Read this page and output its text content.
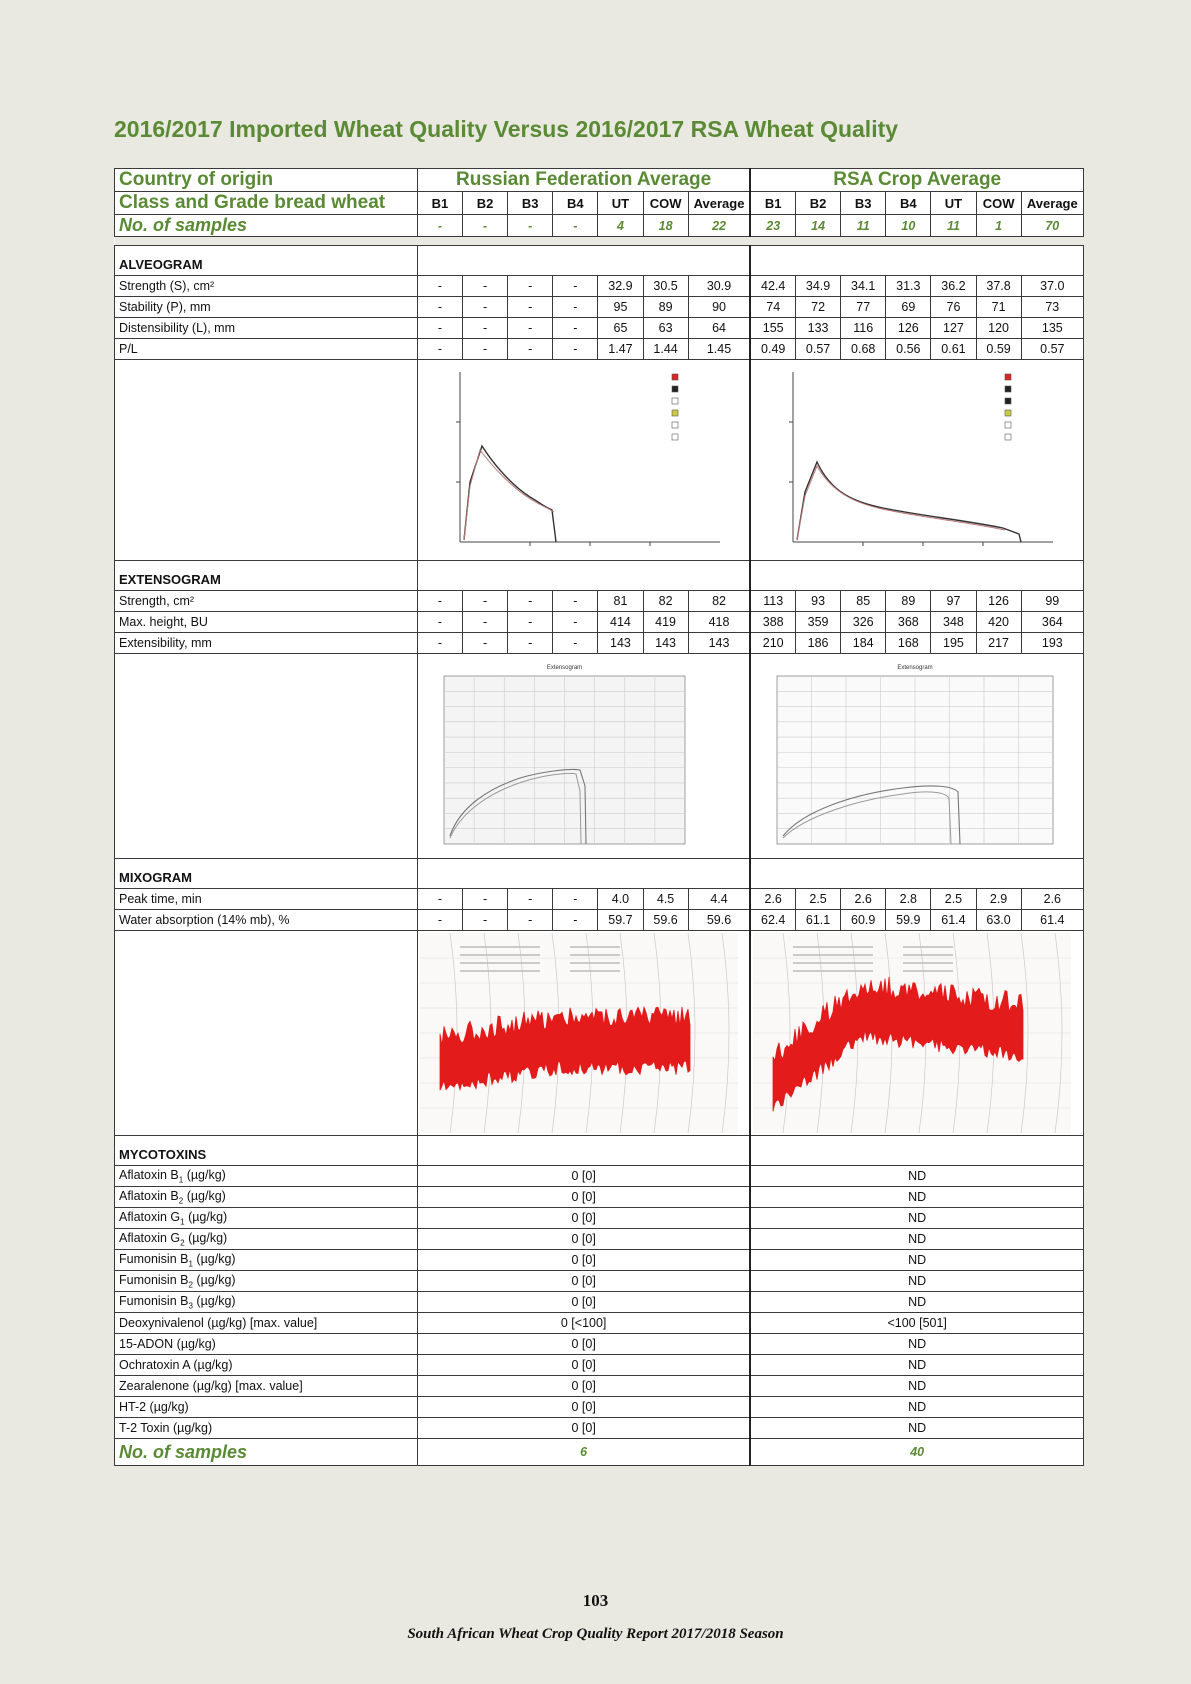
2016/2017 Imported Wheat Quality Versus 2016/2017 RSA Wheat Quality
Country of origin	Russian Federation Average							RSA Crop Average						
Class and Grade bread wheat	B1	B2	B3	B4	UT	COW	Average	B1	B2	B3	B4	UT	COW	Average
No. of samples	-	-	-	-	4	18	22	23	14	11	10	11	1	70

ALVEOGRAM														
Strength (S), cm²	-	-	-	-	32.9	30.5	30.9	42.4	34.9	34.1	31.3	36.2	37.8	37.0
Stability (P), mm	-	-	-	-	95	89	90	74	72	77	69	76	71	73
Distensibility (L), mm	-	-	-	-	65	63	64	155	133	116	126	127	120	135
P/L	-	-	-	-	1.47	1.44	1.45	0.49	0.57	0.68	0.56	0.61	0.59	0.57

EXTENSOGRAM														
Strength, cm²	-	-	-	-	81	82	82	113	93	85	89	97	126	99
Max. height, BU	-	-	-	-	414	419	418	388	359	326	368	348	420	364
Extensibility, mm	-	-	-	-	143	143	143	210	186	184	168	195	217	193

Extensogram							Extensogram						

MIXOGRAM														
Peak time, min	-	-	-	-	4.0	4.5	4.4	2.6	2.5	2.6	2.8	2.5	2.9	2.6
Water absorption (14% mb), %	-	-	-	-	59.7	59.6	59.6	62.4	61.1	60.9	59.9	61.4	63.0	61.4

MYCOTOXINS														
Aflatoxin $B_1$ (µg/kg)	0 [0]							ND						
Aflatoxin $B_2$ (µg/kg)	0 [0]							ND						
Aflatoxin $G_1$ (µg/kg)	0 [0]							ND						
Aflatoxin $G_2$ (µg/kg)	0 [0]							ND						
Fumonisin $B_1$ (µg/kg)	0 [0]							ND						
Fumonisin $B_2$ (µg/kg)	0 [0]							ND						
Fumonisin $B_3$ (µg/kg)	0 [0]							ND						
Deoxynivalenol (µg/kg) [max. value]	0 [<100]							<100 [501]						
15-ADON (µg/kg)	0 [0]							ND						
Ochratoxin A (µg/kg)	0 [0]							ND						
Zearalenone (µg/kg) [max. value]	0 [0]							ND						
HT-2 (µg/kg)	0 [0]							ND						
T-2 Toxin (µg/kg)	0 [0]							ND						
No. of samples	6							40						
103
South African Wheat Crop Quality Report 2017/2018 Season
